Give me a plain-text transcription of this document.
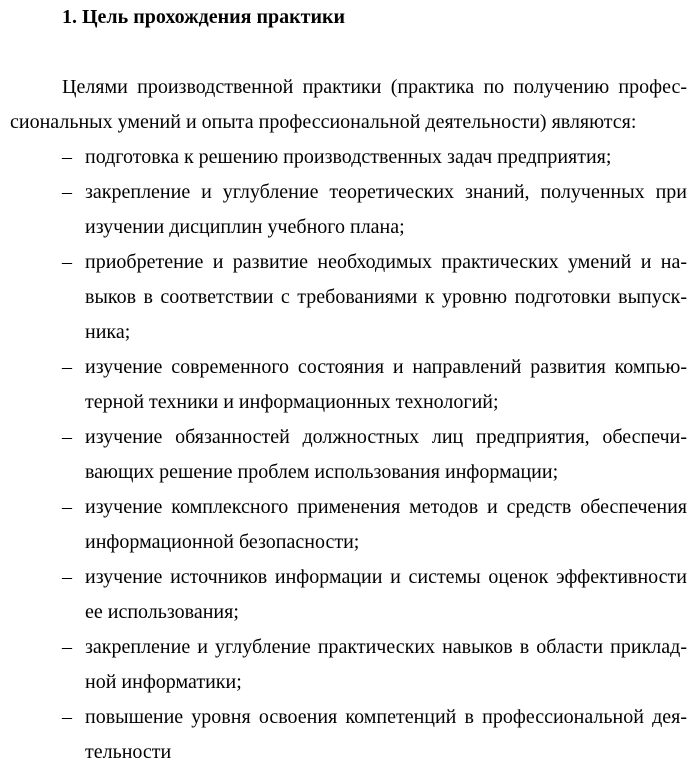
1. Цель прохождения практики
Целями производственной практики (практика по получению профес-
сиональных умений и опыта профессиональной деятельности) являются:
– подготовка к решению производственных задач предприятия;
– закрепление и углубление теоретических знаний, полученных при
изучении дисциплин учебного плана;
– приобретение и развитие необходимых практических умений и на-
выков в соответствии с требованиями к уровню подготовки выпуск-
ника;
– изучение современного состояния и направлений развития компью-
терной техники и информационных технологий;
– изучение обязанностей должностных лиц предприятия, обеспечи-
вающих решение проблем использования информации;
– изучение комплексного применения методов и средств обеспечения
информационной безопасности;
– изучение источников информации и системы оценок эффективности
ее использования;
– закрепление и углубление практических навыков в области приклад-
ной информатики;
– повышение уровня освоения компетенций в профессиональной дея-
тельности
